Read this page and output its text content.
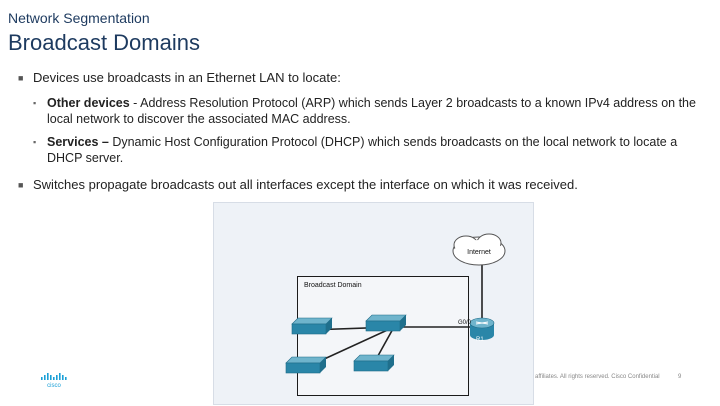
Network Segmentation
Broadcast Domains
■ Devices use broadcasts in an Ethernet LAN to locate:
▪ Other devices - Address Resolution Protocol (ARP) which sends Layer 2 broadcasts to a known IPv4 address on the local network to discover the associated MAC address.
▪ Services – Dynamic Host Configuration Protocol (DHCP) which sends broadcasts on the local network to locate a DHCP server.
■ Switches propagate broadcasts out all interfaces except the interface on which it was received.
Broadcast Domain
Internet
G0/0
R1
cisco
affiliates. All rights reserved. Cisco Confidential	9
